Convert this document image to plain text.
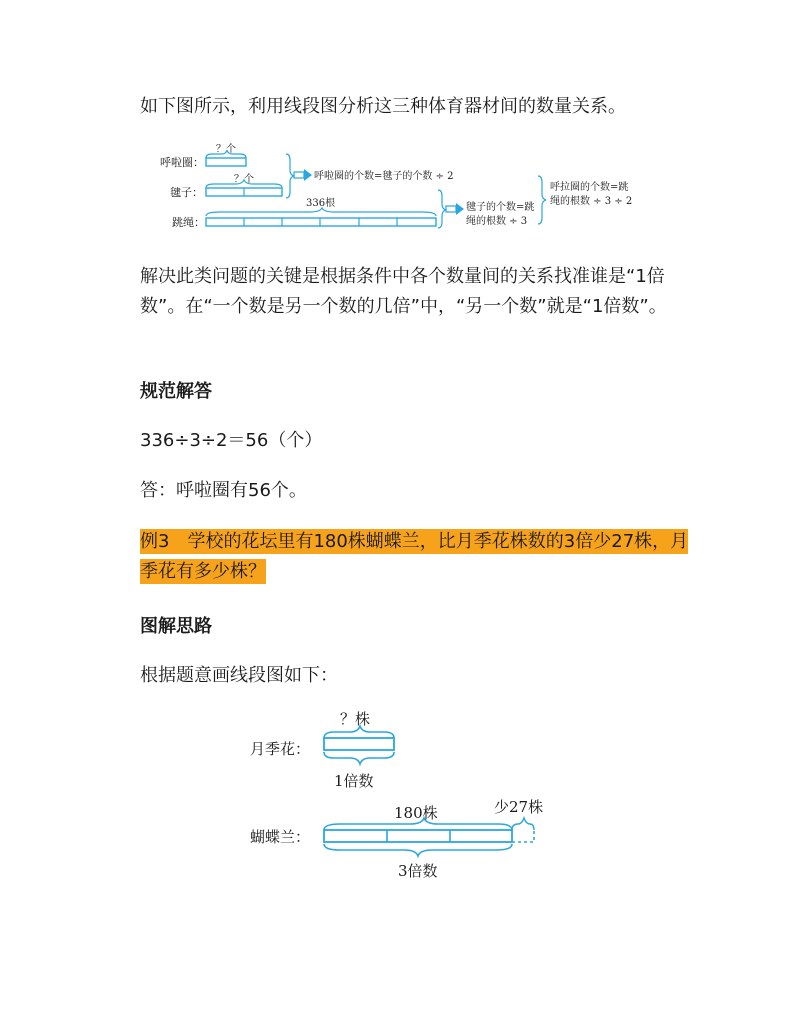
如下图所示，利用线段图分析这三种体育器材间的数量关系。

呼啦圈：
？个
毽子：
？个	呼啦圈的个数=毽子的个数 ÷ 2
跳绳：
336根	毽子的个数=跳
绳的根数 ÷ 3
呼拉圈的个数=跳
绳的根数 ÷ 3 ÷ 2

解决此类问题的关键是根据条件中各个数量间的关系找准谁是“1倍数”。在“一个数是另一个数的几倍”中，“另一个数”就是“1倍数”。

规范解答

336÷3÷2＝56（个）

答：呼啦圈有56个。

例3　学校的花坛里有180株蝴蝶兰，比月季花株数的3倍少27株，月季花有多少株？

图解思路

根据题意画线段图如下：

？株
月季花：
1倍数
180株	少27株
蝴蝶兰：
3倍数
